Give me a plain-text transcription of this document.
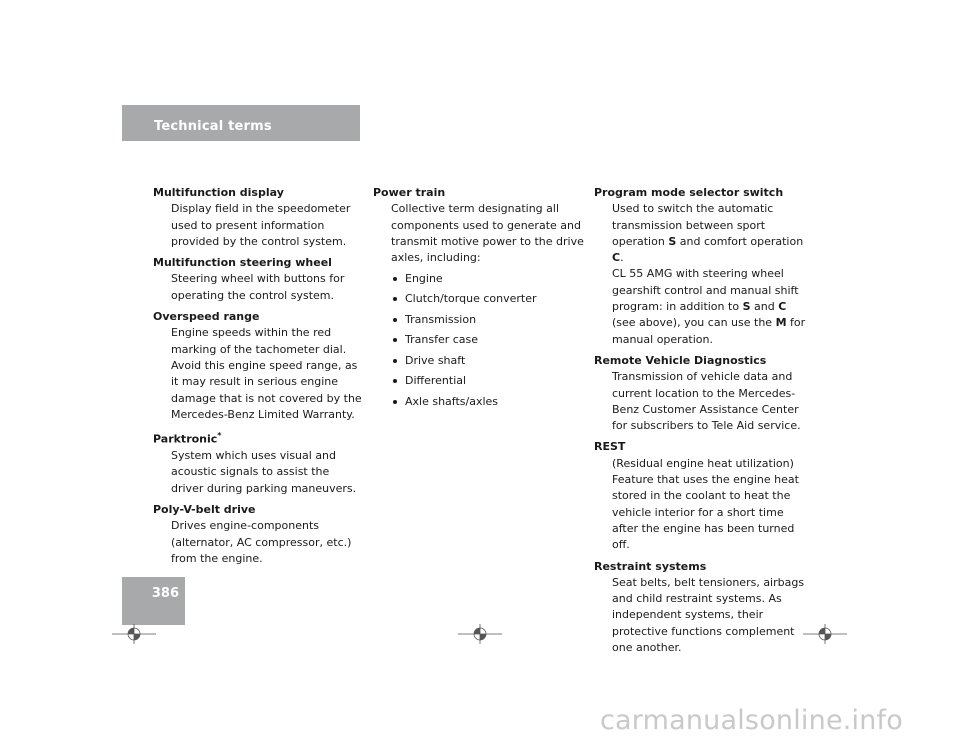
Technical terms
386
Multifunction display
Display field in the speedometer used to present information provided by the control system.
Multifunction steering wheel
Steering wheel with buttons for operating the control system.
Overspeed range
Engine speeds within the red marking of the tachometer dial. Avoid this engine speed range, as it may result in serious engine damage that is not covered by the Mercedes-Benz Limited Warranty.
Parktronic*
System which uses visual and acoustic signals to assist the driver during parking maneuvers.
Poly-V-belt drive
Drives engine-components (alternator, AC compressor, etc.) from the engine.
Power train
Collective term designating all components used to generate and transmit motive power to the drive axles, including:
Engine
Clutch/torque converter
Transmission
Transfer case
Drive shaft
Differential
Axle shafts/axles
Program mode selector switch
Used to switch the automatic transmission between sport operation S and comfort operation C.
CL 55 AMG with steering wheel gearshift control and manual shift program: in addition to S and C (see above), you can use the M for manual operation.
Remote Vehicle Diagnostics
Transmission of vehicle data and current location to the Mercedes-Benz Customer Assistance Center for subscribers to Tele Aid service.
REST
(Residual engine heat utilization)
Feature that uses the engine heat stored in the coolant to heat the vehicle interior for a short time after the engine has been turned off.
Restraint systems
Seat belts, belt tensioners, airbags and child restraint systems. As independent systems, their protective functions complement one another.
carmanualsonline.info
